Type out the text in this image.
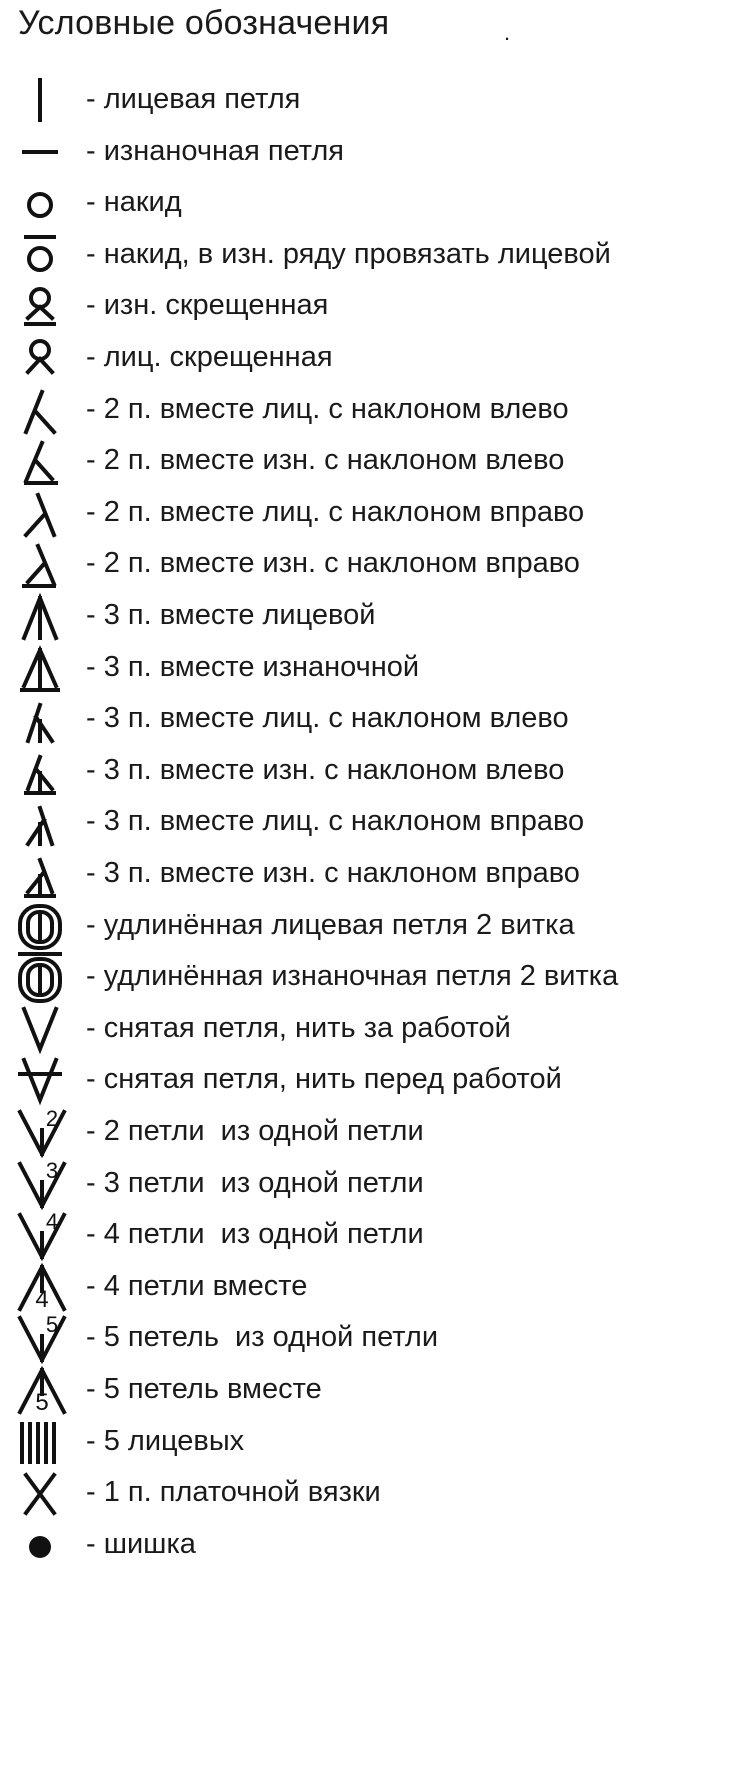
Условные обозначения	.
- лицевая петля
- изнаночная петля
- накид
- накид, в изн. ряду провязать лицевой
- изн. скрещенная
- лиц. скрещенная
- 2 п. вместе лиц. с наклоном влево
- 2 п. вместе изн. с наклоном влево
- 2 п. вместе лиц. с наклоном вправо
- 2 п. вместе изн. с наклоном вправо
- 3 п. вместе лицевой
- 3 п. вместе изнаночной
- 3 п. вместе лиц. с наклоном влево
- 3 п. вместе изн. с наклоном влево
- 3 п. вместе лиц. с наклоном вправо
- 3 п. вместе изн. с наклоном вправо
- удлинённая лицевая петля 2 витка
- удлинённая изнаночная петля 2 витка
- снятая петля, нить за работой
- снятая петля, нить перед работой
2 - 2 петли  из одной петли
3 - 3 петли  из одной петли
4 - 4 петли  из одной петли
4 - 4 петли вместе
5 - 5 петель  из одной петли
5 - 5 петель вместе
- 5 лицевых
- 1 п. платочной вязки
- шишка
